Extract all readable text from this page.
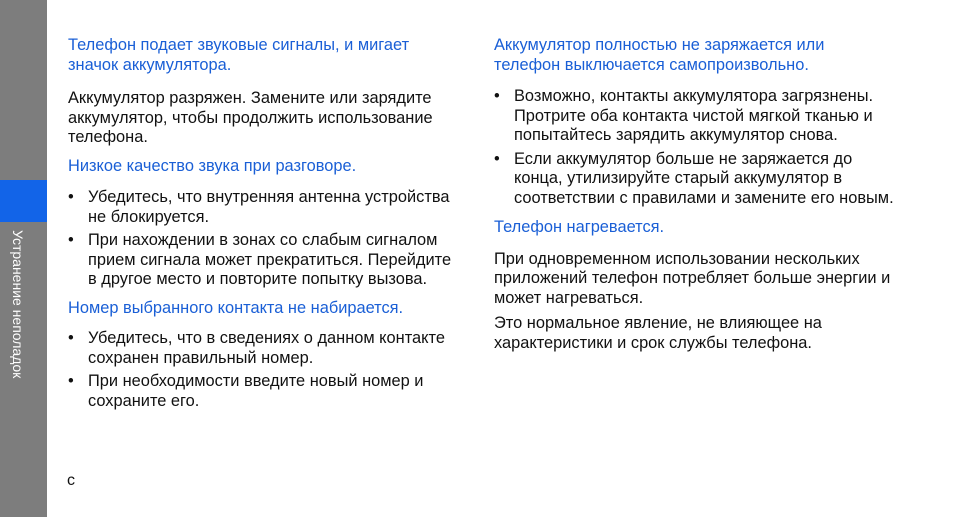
Устранение неполадок
Телефон подает звуковые сигналы, и мигает значок аккумулятора.

Аккумулятор разряжен. Замените или зарядите аккумулятор, чтобы продолжить использование телефона.

Низкое качество звука при разговоре.
• Убедитесь, что внутренняя антенна устройства не блокируется.
• При нахождении в зонах со слабым сигналом прием сигнала может прекратиться. Перейдите в другое место и повторите попытку вызова.
Номер выбранного контакта не набирается.
• Убедитесь, что в сведениях о данном контакте сохранен правильный номер.
• При необходимости введите новый номер и сохраните его.
Аккумулятор полностью не заряжается или телефон выключается самопроизвольно.
• Возможно, контакты аккумулятора загрязнены. Протрите оба контакта чистой мягкой тканью и попытайтесь зарядить аккумулятор снова.
• Если аккумулятор больше не заряжается до конца, утилизируйте старый аккумулятор в соответствии с правилами и замените его новым.
Телефон нагревается.

При одновременном использовании нескольких приложений телефон потребляет больше энергии и может нагреваться.

Это нормальное явление, не влияющее на характеристики и срок службы телефона.

с
